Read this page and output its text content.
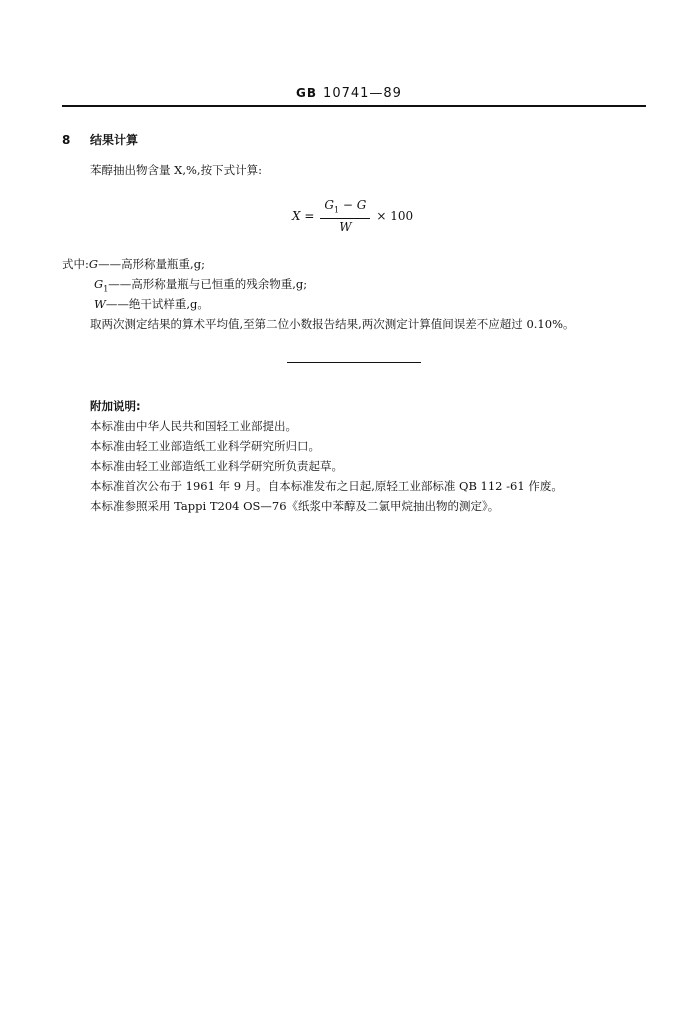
GB 10741—89
8 结果计算
苯醇抽出物含量 X,%,按下式计算:
$X = \frac{G_1 - G}{W} \times 100$
式中:G——高形称量瓶重,g;
$G_1——$高形称量瓶与已恒重的残余物重,g;
W——绝干试样重,g。
取两次测定结果的算术平均值,至第二位小数报告结果,两次测定计算值间误差不应超过 0.10%。
附加说明:
本标准由中华人民共和国轻工业部提出。
本标准由轻工业部造纸工业科学研究所归口。
本标准由轻工业部造纸工业科学研究所负责起草。
本标准首次公布于 1961 年 9 月。自本标准发布之日起,原轻工业部标准 QB 112 -61 作废。
本标准参照采用 Tappi T204 OS—76《纸浆中苯醇及二氯甲烷抽出物的测定》。
